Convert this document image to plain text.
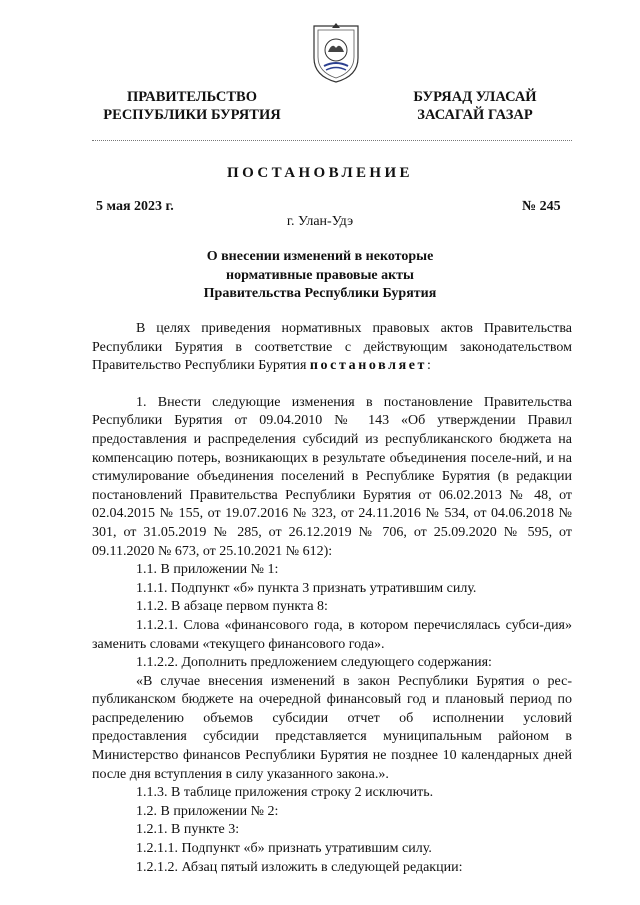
ПРАВИТЕЛЬСТВО
РЕСПУБЛИКИ БУРЯТИЯ
БУРЯАД УЛАСАЙ
ЗАСАГАЙ ГАЗАР
ПОСТАНОВЛЕНИЕ
5 мая 2023 г.	№ 245
г. Улан-Удэ
О внесении изменений в некоторые
нормативные правовые акты
Правительства Республики Бурятия

В целях приведения нормативных правовых актов Правительства Республики Бурятия в соответствие с действующим законодательством Правительство Республики Бурятия постановляет:

1. Внести следующие изменения в постановление Правительства Республики Бурятия от 09.04.2010 № 143 «Об утверждении Правил предоставления и распределения субсидий из республиканского бюджета на компенсацию потерь, возникающих в результате объединения поселе-ний, и на стимулирование объединения поселений в Республике Бурятия (в редакции постановлений Правительства Республики Бурятия от 06.02.2013 № 48, от 02.04.2015 № 155, от 19.07.2016 № 323, от 24.11.2016 № 534, от 04.06.2018 № 301, от 31.05.2019 № 285, от 26.12.2019 № 706, от 25.09.2020 № 595, от 09.11.2020 № 673, от 25.10.2021 № 612):

1.1. В приложении № 1:

1.1.1. Подпункт «б» пункта 3 признать утратившим силу.

1.1.2. В абзаце первом пункта 8:

1.1.2.1. Слова «финансового года, в котором перечислялась субси-дия» заменить словами «текущего финансового года».

1.1.2.2. Дополнить предложением следующего содержания:

«В случае внесения изменений в закон Республики Бурятия о рес-публиканском бюджете на очередной финансовый год и плановый период по распределению объемов субсидии отчет об исполнении условий предоставления субсидии представляется муниципальным районом в Министерство финансов Республики Бурятия не позднее 10 календарных дней после дня вступления в силу указанного закона.».

1.1.3. В таблице приложения строку 2 исключить.

1.2. В приложении № 2:

1.2.1. В пункте 3:

1.2.1.1. Подпункт «б» признать утратившим силу.

1.2.1.2. Абзац пятый изложить в следующей редакции:
